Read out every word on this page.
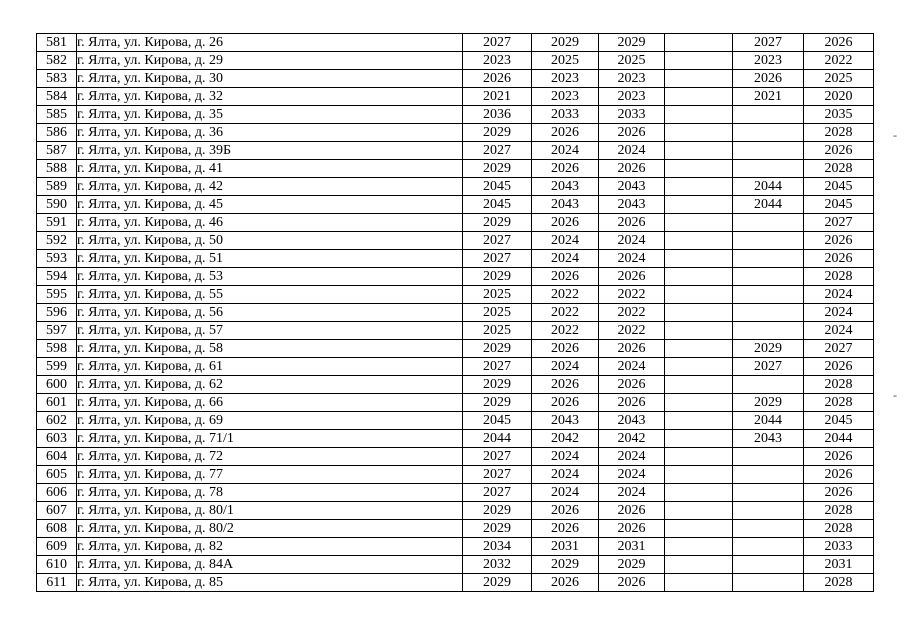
581	г. Ялта, ул. Кирова, д. 26	2027	2029	2029		2027	2026
582	г. Ялта, ул. Кирова, д. 29	2023	2025	2025		2023	2022
583	г. Ялта, ул. Кирова, д. 30	2026	2023	2023		2026	2025
584	г. Ялта, ул. Кирова, д. 32	2021	2023	2023		2021	2020
585	г. Ялта, ул. Кирова, д. 35	2036	2033	2033			2035
586	г. Ялта, ул. Кирова, д. 36	2029	2026	2026			2028
587	г. Ялта, ул. Кирова, д. 39Б	2027	2024	2024			2026
588	г. Ялта, ул. Кирова, д. 41	2029	2026	2026			2028
589	г. Ялта, ул. Кирова, д. 42	2045	2043	2043		2044	2045
590	г. Ялта, ул. Кирова, д. 45	2045	2043	2043		2044	2045
591	г. Ялта, ул. Кирова, д. 46	2029	2026	2026			2027
592	г. Ялта, ул. Кирова, д. 50	2027	2024	2024			2026
593	г. Ялта, ул. Кирова, д. 51	2027	2024	2024			2026
594	г. Ялта, ул. Кирова, д. 53	2029	2026	2026			2028
595	г. Ялта, ул. Кирова, д. 55	2025	2022	2022			2024
596	г. Ялта, ул. Кирова, д. 56	2025	2022	2022			2024
597	г. Ялта, ул. Кирова, д. 57	2025	2022	2022			2024
598	г. Ялта, ул. Кирова, д. 58	2029	2026	2026		2029	2027
599	г. Ялта, ул. Кирова, д. 61	2027	2024	2024		2027	2026
600	г. Ялта, ул. Кирова, д. 62	2029	2026	2026			2028
601	г. Ялта, ул. Кирова, д. 66	2029	2026	2026		2029	2028
602	г. Ялта, ул. Кирова, д. 69	2045	2043	2043		2044	2045
603	г. Ялта, ул. Кирова, д. 71/1	2044	2042	2042		2043	2044
604	г. Ялта, ул. Кирова, д. 72	2027	2024	2024			2026
605	г. Ялта, ул. Кирова, д. 77	2027	2024	2024			2026
606	г. Ялта, ул. Кирова, д. 78	2027	2024	2024			2026
607	г. Ялта, ул. Кирова, д. 80/1	2029	2026	2026			2028
608	г. Ялта, ул. Кирова, д. 80/2	2029	2026	2026			2028
609	г. Ялта, ул. Кирова, д. 82	2034	2031	2031			2033
610	г. Ялта, ул. Кирова, д. 84А	2032	2029	2029			2031
611	г. Ялта, ул. Кирова, д. 85	2029	2026	2026			2028
-
-
